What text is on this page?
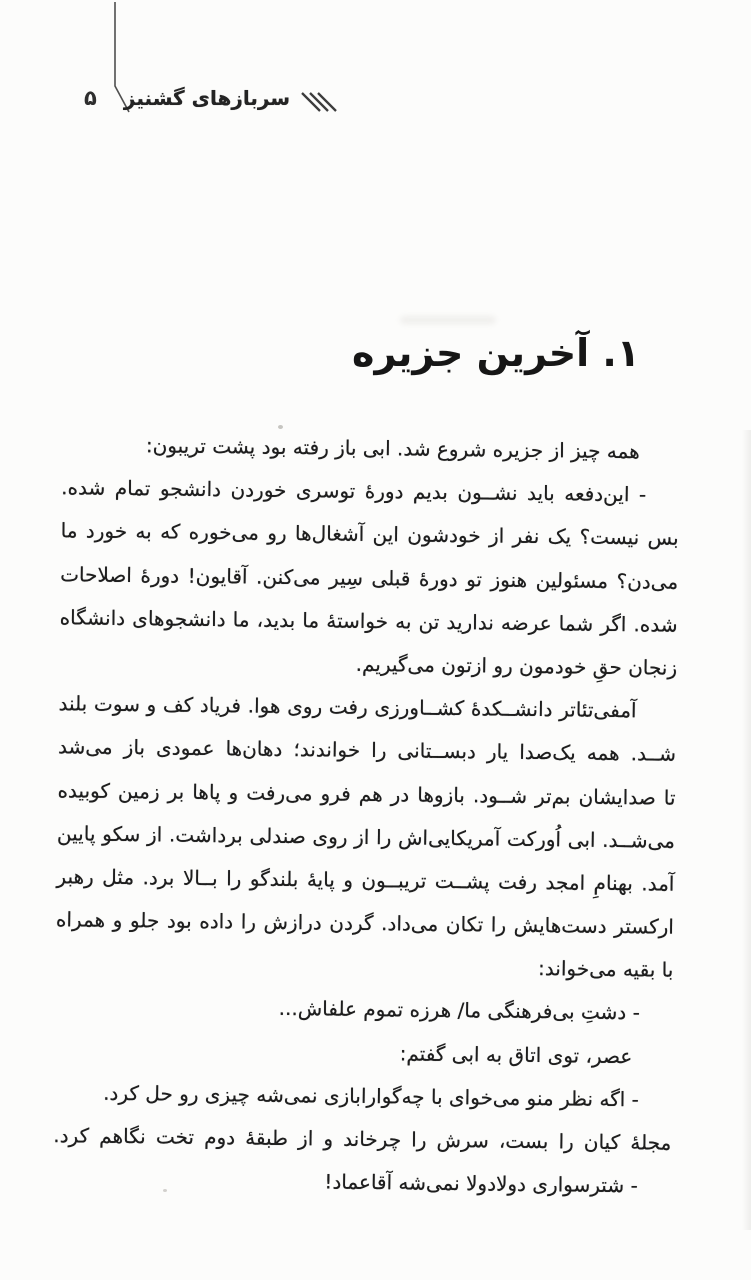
۵ سربازهای گشنیز
۱. آخرین جزیره

همه چیز از جزیره شروع شد. ابی باز رفته بود پشت تریبون:

- این‌دفعه باید نشــون بدیم دورهٔ توسری خوردن دانشجو تمام شده.

بس نیست؟ یک نفر از خودشون این آشغال‌ها رو می‌خوره که به خورد ما

می‌دن؟ مسئولین هنوز تو دورهٔ قبلی سِیر می‌کنن. آقایون! دورهٔ اصلاحات

شده. اگر شما عرضه ندارید تن به خواستهٔ ما بدید، ما دانشجوهای دانشگاه

زنجان حقِ خودمون رو ازتون می‌گیریم.

آمفی‌تئاتر دانشــکدهٔ کشــاورزی رفت روی هوا. فریاد کف و سوت بلند

شــد. همه یک‌صدا یار دبســتانی را خواندند؛ دهان‌ها عمودی باز می‌شد

تا صدایشان بم‌تر شــود. بازوها در هم فرو می‌رفت و پاها بر زمین کوبیده

می‌شــد. ابی اُورکت آمریکایی‌اش را از روی صندلی برداشت. از سکو پایین

آمد. بهنامِ امجد رفت پشــت تریبــون و پایهٔ بلندگو را بــالا برد. مثل رهبر

ارکستر دست‌هایش را تکان می‌داد. گردن درازش را داده بود جلو و همراه

با بقیه می‌خواند:

- دشتِ بی‌فرهنگی ما/ هرزه تموم علفاش...

عصر، توی اتاق به ابی گفتم:

- اگه نظر منو می‌خوای با چه‌گوارابازی نمی‌شه چیزی رو حل کرد.

مجلهٔ کیان را بست، سرش را چرخاند و از طبقهٔ دوم تخت نگاهم کرد.

- شترسواری دولادولا نمی‌شه آقاعماد!
